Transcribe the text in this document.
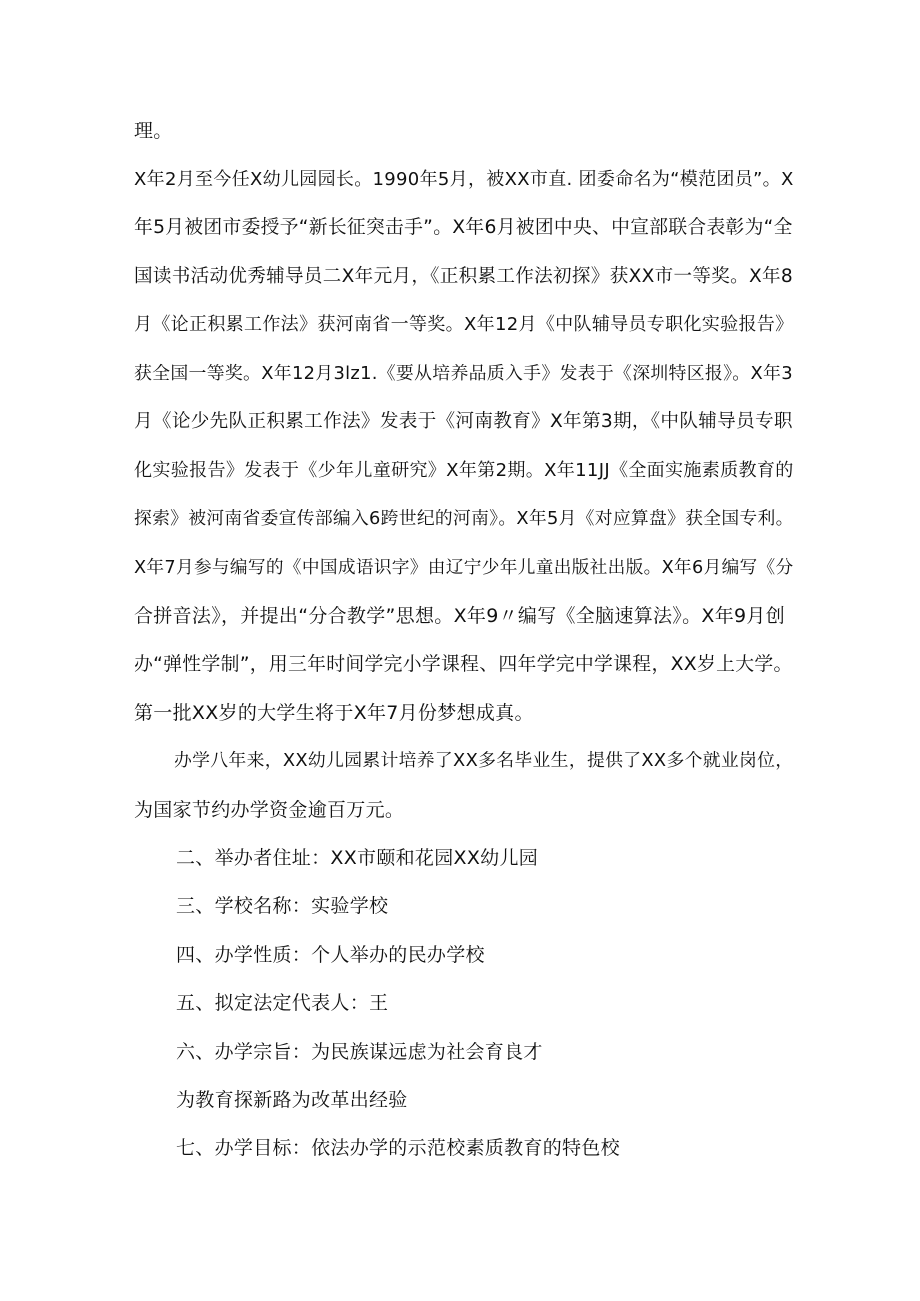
理。
X年2月至今任X幼儿园园长。1990年5月，被XX市直. 团委命名为“模范团员”。X
年5月被团市委授予“新长征突击手”。X年6月被团中央、中宣部联合表彰为“全
国读书活动优秀辅导员二X年元月，《正积累工作法初探》获XX市一等奖。X年8
月《论正积累工作法》获河南省一等奖。X年12月《中队辅导员专职化实验报告》
获全国一等奖。X年12月3lz1.《要从培养品质入手》发表于《深圳特区报》。X年3
月《论少先队正积累工作法》发表于《河南教育》X年第3期，《中队辅导员专职
化实验报告》发表于《少年儿童研究》X年第2期。X年11JJ《全面实施素质教育的
探索》被河南省委宣传部编入6跨世纪的河南》。X年5月《对应算盘》获全国专利。
X年7月参与编写的《中国成语识字》由辽宁少年儿童出版社出版。X年6月编写《分
合拼音法》，并提出“分合教学”思想。X年9〃编写《全脑速算法》。X年9月创
办“弹性学制”，用三年时间学完小学课程、四年学完中学课程，XX岁上大学。
第一批XX岁的大学生将于X年7月份梦想成真。
办学八年来，XX幼儿园累计培养了XX多名毕业生，提供了XX多个就业岗位，
为国家节约办学资金逾百万元。
二、举办者住址：XX市颐和花园XX幼儿园
三、学校名称：实验学校
四、办学性质：个人举办的民办学校
五、拟定法定代表人：王
六、办学宗旨：为民族谋远虑为社会育良才
为教育探新路为改革出经验
七、办学目标：依法办学的示范校素质教育的特色校
